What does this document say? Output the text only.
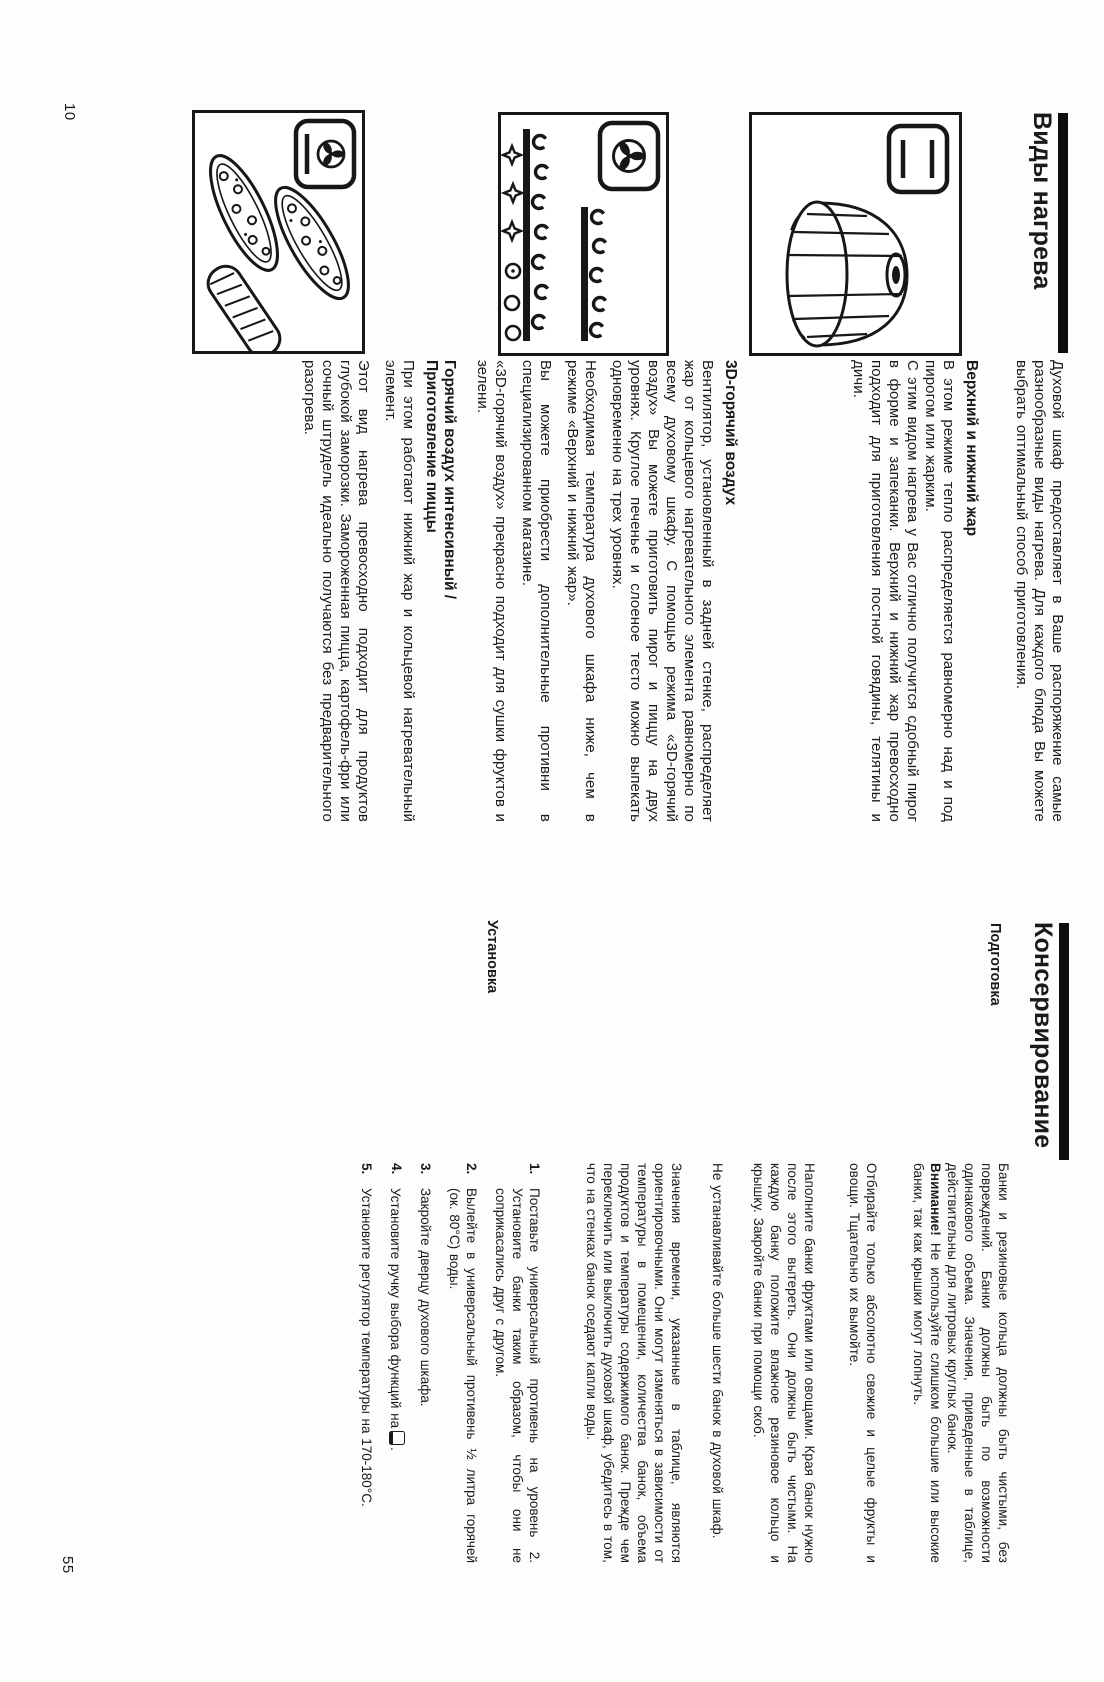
Виды нагрева

Духовой шкаф предоставляет в Ваше распоряжение самые разнообразные виды нагрева. Для каждого блюда Вы можете выбрать оптимальный способ приготовления.

Верхний и нижний жар

В этом режиме тепло распределяется равномерно над и под пирогом или жарким.

С этим видом нагрева у Вас отлично получится сдобный пирог в форме и запеканки. Верхний и нижний жар превосходно подходит для приготовления постной говядины, телятины и дичи.

3D-горячий воздух

Вентилятор, установленный в задней стенке, распределяет жар от кольцевого нагревательного элемента равномерно по всему духовому шкафу. С помощью режима «3D-горячий воздух» Вы можете приготовить пирог и пиццу на двух уровнях. Круглое печенье и слоеное тесто можно выпекать одновременно на трех уровнях.

Необходимая температура духового шкафа ниже, чем в режиме «Верхний и нижний жар».

Вы можете приобрести дополнительные противни в специализированном магазине.

«3D-горячий воздух» прекрасно подходит для сушки фруктов и зелени.

Горячий воздух интенсивный /
Приготовление пиццы

При этом работают нижний жар и кольцевой нагревательный элемент.

Этот вид нагрева превосходно подходит для продуктов глубокой заморозки. Замороженная пицца, картофель-фри или сочный штрудель идеально получаются без предварительного разогрева.

10
Консервирование
Подготовка
Установка

Банки и резиновые кольца должны быть чистыми, без повреждений. Банки должны быть по возможности одинакового объема. Значения, приведенные в таблице, действительны для литровых круглых банок.

Внимание! Не используйте слишком большие или высокие банки, так как крышки могут лопнуть.

Отбирайте только абсолютно свежие и целые фрукты и овощи. Тщательно их вымойте.

Наполните банки фруктами или овощами. Края банок нужно после этого вытереть. Они должны быть чистыми. На каждую банку положите влажное резиновое кольцо и крышку. Закройте банки при помощи скоб.

Не устанавливайте больше шести банок в духовой шкаф.

Значения времени, указанные в таблице, являются ориентировочными. Они могут изменяться в зависимости от температуры в помещении, количества банок, объема продуктов и температуры содержимого банок. Прежде чем переключить или выключить духовой шкаф, убедитесь в том, что на стенках банок оседают капли воды.

1.
Поставьте универсальный противень на уровень 2. Установите банки таким образом, чтобы они не соприкасались друг с другом.
2.
Вылейте в универсальный противень ½ литра горячей (ок. 80°C) воды.
3.
Закройте дверцу духового шкафа.
4.
Установите ручку выбора функций на.
5.
Установите регулятор температуры на 170-180°C.
55
